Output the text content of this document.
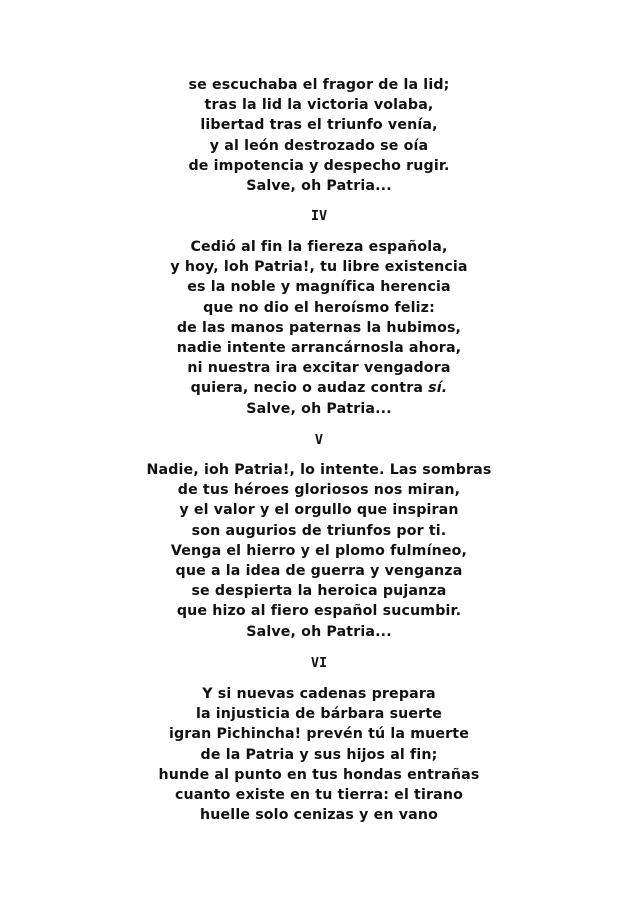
se escuchaba el fragor de la lid;
tras la lid la victoria volaba,
libertad tras el triunfo venía,
y al león destrozado se oía
de impotencia y despecho rugir.
Salve, oh Patria...
IV
Cedió al fin la fiereza española,
y hoy, loh Patria!, tu libre existencia
es la noble y magnífica herencia
que no dio el heroísmo feliz:
de las manos paternas la hubimos,
nadie intente arrancárnosla ahora,
ni nuestra ira excitar vengadora
quiera, necio o audaz contra sí.
Salve, oh Patria...
V
Nadie, ioh Patria!, lo intente. Las sombras
de tus héroes gloriosos nos miran,
y el valor y el orgullo que inspiran
son augurios de triunfos por ti.
Venga el hierro y el plomo fulmíneo,
que a la idea de guerra y venganza
se despierta la heroica pujanza
que hizo al fiero español sucumbir.
Salve, oh Patria...
VI
Y si nuevas cadenas prepara
la injusticia de bárbara suerte
igran Pichincha! prevén tú la muerte
de la Patria y sus hijos al fin;
hunde al punto en tus hondas entrañas
cuanto existe en tu tierra: el tirano
huelle solo cenizas y en vano
